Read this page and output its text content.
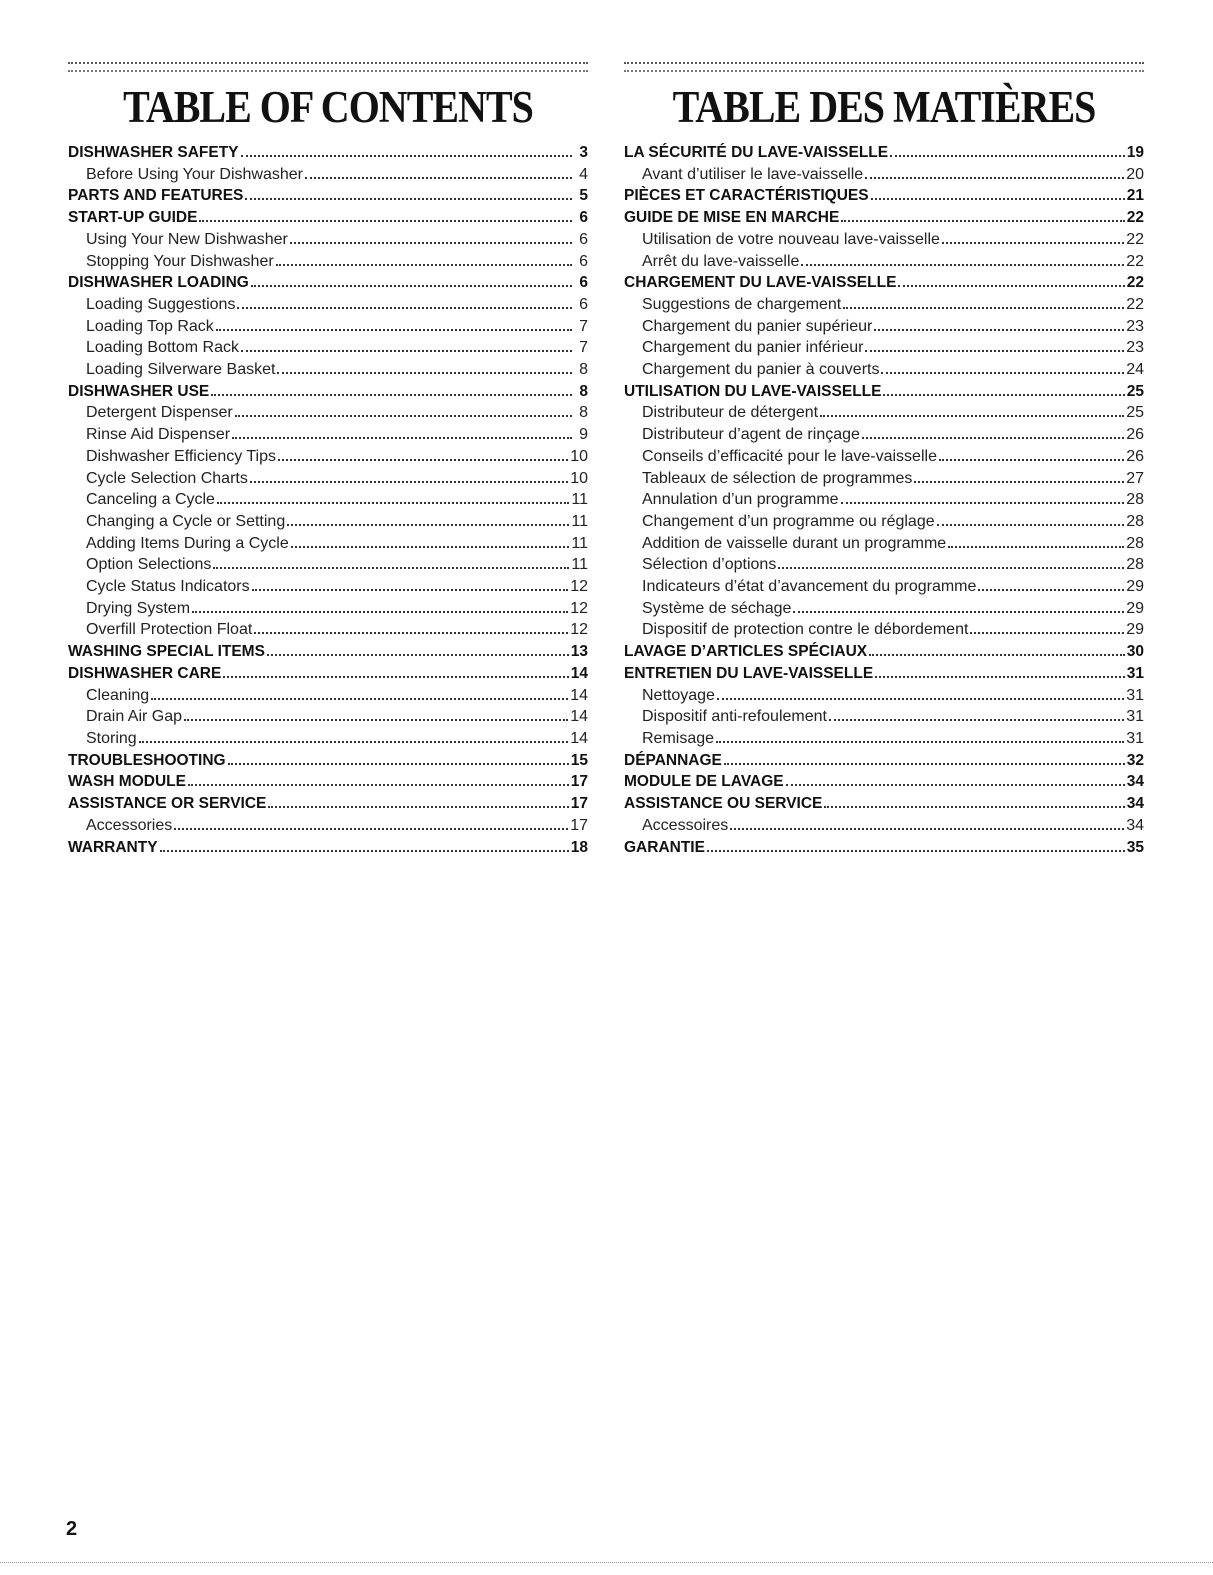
TABLE OF CONTENTS
DISHWASHER SAFETY	3
Before Using Your Dishwasher	4
PARTS AND FEATURES	5
START-UP GUIDE	6
Using Your New Dishwasher	6
Stopping Your Dishwasher	6
DISHWASHER LOADING	6
Loading Suggestions	6
Loading Top Rack	7
Loading Bottom Rack	7
Loading Silverware Basket	8
DISHWASHER USE	8
Detergent Dispenser	8
Rinse Aid Dispenser	9
Dishwasher Efficiency Tips	10
Cycle Selection Charts	10
Canceling a Cycle	11
Changing a Cycle or Setting	11
Adding Items During a Cycle	11
Option Selections	11
Cycle Status Indicators	12
Drying System	12
Overfill Protection Float	12
WASHING SPECIAL ITEMS	13
DISHWASHER CARE	14
Cleaning	14
Drain Air Gap	14
Storing	14
TROUBLESHOOTING	15
WASH MODULE	17
ASSISTANCE OR SERVICE	17
Accessories	17
WARRANTY	18
TABLE DES MATIÈRES
LA SÉCURITÉ DU LAVE-VAISSELLE	19
Avant d’utiliser le lave-vaisselle	20
PIÈCES ET CARACTÉRISTIQUES	21
GUIDE DE MISE EN MARCHE	22
Utilisation de votre nouveau lave-vaisselle	22
Arrêt du lave-vaisselle	22
CHARGEMENT DU LAVE-VAISSELLE	22
Suggestions de chargement	22
Chargement du panier supérieur	23
Chargement du panier inférieur	23
Chargement du panier à couverts	24
UTILISATION DU LAVE-VAISSELLE	25
Distributeur de détergent	25
Distributeur d’agent de rinçage	26
Conseils d’efficacité pour le lave-vaisselle	26
Tableaux de sélection de programmes	27
Annulation d’un programme	28
Changement d’un programme ou réglage	28
Addition de vaisselle durant un programme	28
Sélection d’options	28
Indicateurs d’état d’avancement du programme	29
Système de séchage	29
Dispositif de protection contre le débordement	29
LAVAGE D’ARTICLES SPÉCIAUX	30
ENTRETIEN DU LAVE-VAISSELLE	31
Nettoyage	31
Dispositif anti-refoulement	31
Remisage	31
DÉPANNAGE	32
MODULE DE LAVAGE	34
ASSISTANCE OU SERVICE	34
Accessoires	34
GARANTIE	35
2
